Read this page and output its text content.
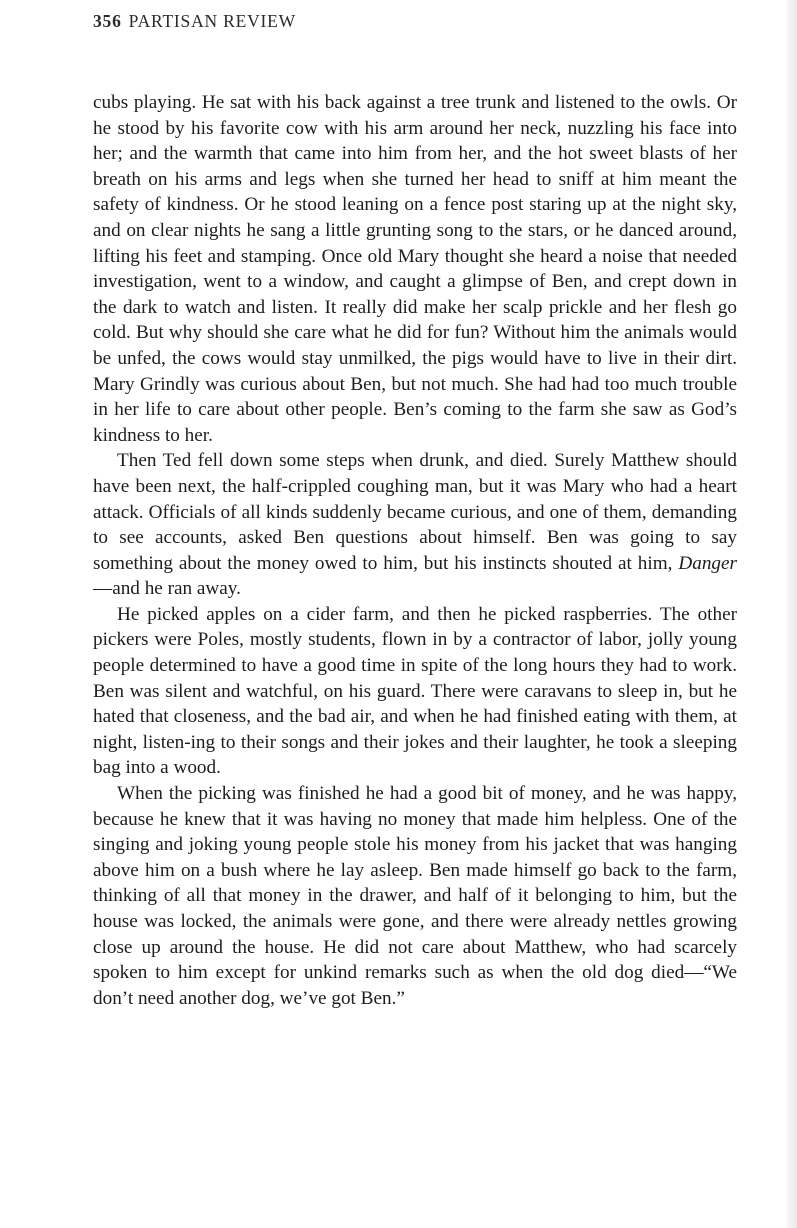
356 PARTISAN REVIEW

cubs playing. He sat with his back against a tree trunk and listened to the owls. Or he stood by his favorite cow with his arm around her neck, nuzzling his face into her; and the warmth that came into him from her, and the hot sweet blasts of her breath on his arms and legs when she turned her head to sniff at him meant the safety of kindness. Or he stood leaning on a fence post staring up at the night sky, and on clear nights he sang a little grunting song to the stars, or he danced around, lifting his feet and stamping. Once old Mary thought she heard a noise that needed investigation, went to a window, and caught a glimpse of Ben, and crept down in the dark to watch and listen. It really did make her scalp prickle and her flesh go cold. But why should she care what he did for fun? Without him the animals would be unfed, the cows would stay unmilked, the pigs would have to live in their dirt. Mary Grindly was curious about Ben, but not much. She had had too much trouble in her life to care about other people. Ben’s coming to the farm she saw as God’s kindness to her.

Then Ted fell down some steps when drunk, and died. Surely Matthew should have been next, the half-crippled coughing man, but it was Mary who had a heart attack. Officials of all kinds suddenly became curious, and one of them, demanding to see accounts, asked Ben questions about himself. Ben was going to say something about the money owed to him, but his instincts shouted at him, Danger—and he ran away.

He picked apples on a cider farm, and then he picked raspberries. The other pickers were Poles, mostly students, flown in by a contractor of labor, jolly young people determined to have a good time in spite of the long hours they had to work. Ben was silent and watchful, on his guard. There were caravans to sleep in, but he hated that closeness, and the bad air, and when he had finished eating with them, at night, listen-ing to their songs and their jokes and their laughter, he took a sleeping bag into a wood.

When the picking was finished he had a good bit of money, and he was happy, because he knew that it was having no money that made him helpless. One of the singing and joking young people stole his money from his jacket that was hanging above him on a bush where he lay asleep. Ben made himself go back to the farm, thinking of all that money in the drawer, and half of it belonging to him, but the house was locked, the animals were gone, and there were already nettles growing close up around the house. He did not care about Matthew, who had scarcely spoken to him except for unkind remarks such as when the old dog died—“We don’t need another dog, we’ve got Ben.”
